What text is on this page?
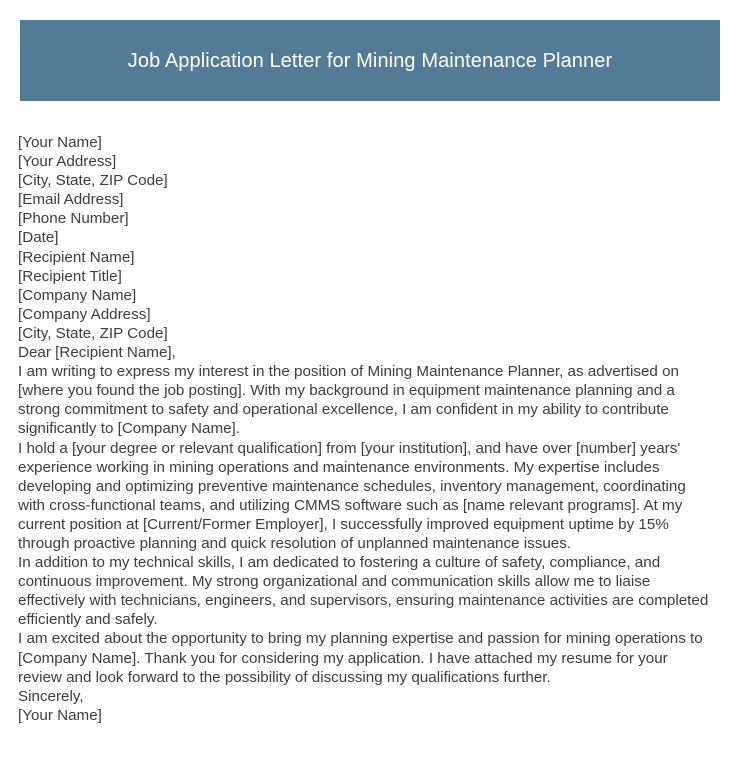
Job Application Letter for Mining Maintenance Planner

[Your Name]

[Your Address]

[City, State, ZIP Code]

[Email Address]

[Phone Number]

[Date]

[Recipient Name]

[Recipient Title]

[Company Name]

[Company Address]

[City, State, ZIP Code]

Dear [Recipient Name],

I am writing to express my interest in the position of Mining Maintenance Planner, as advertised on [where you found the job posting]. With my background in equipment maintenance planning and a strong commitment to safety and operational excellence, I am confident in my ability to contribute significantly to [Company Name].

I hold a [your degree or relevant qualification] from [your institution], and have over [number] years' experience working in mining operations and maintenance environments. My expertise includes developing and optimizing preventive maintenance schedules, inventory management, coordinating with cross-functional teams, and utilizing CMMS software such as [name relevant programs]. At my current position at [Current/Former Employer], I successfully improved equipment uptime by 15% through proactive planning and quick resolution of unplanned maintenance issues.

In addition to my technical skills, I am dedicated to fostering a culture of safety, compliance, and continuous improvement. My strong organizational and communication skills allow me to liaise effectively with technicians, engineers, and supervisors, ensuring maintenance activities are completed efficiently and safely.

I am excited about the opportunity to bring my planning expertise and passion for mining operations to [Company Name]. Thank you for considering my application. I have attached my resume for your review and look forward to the possibility of discussing my qualifications further.

Sincerely,

[Your Name]
